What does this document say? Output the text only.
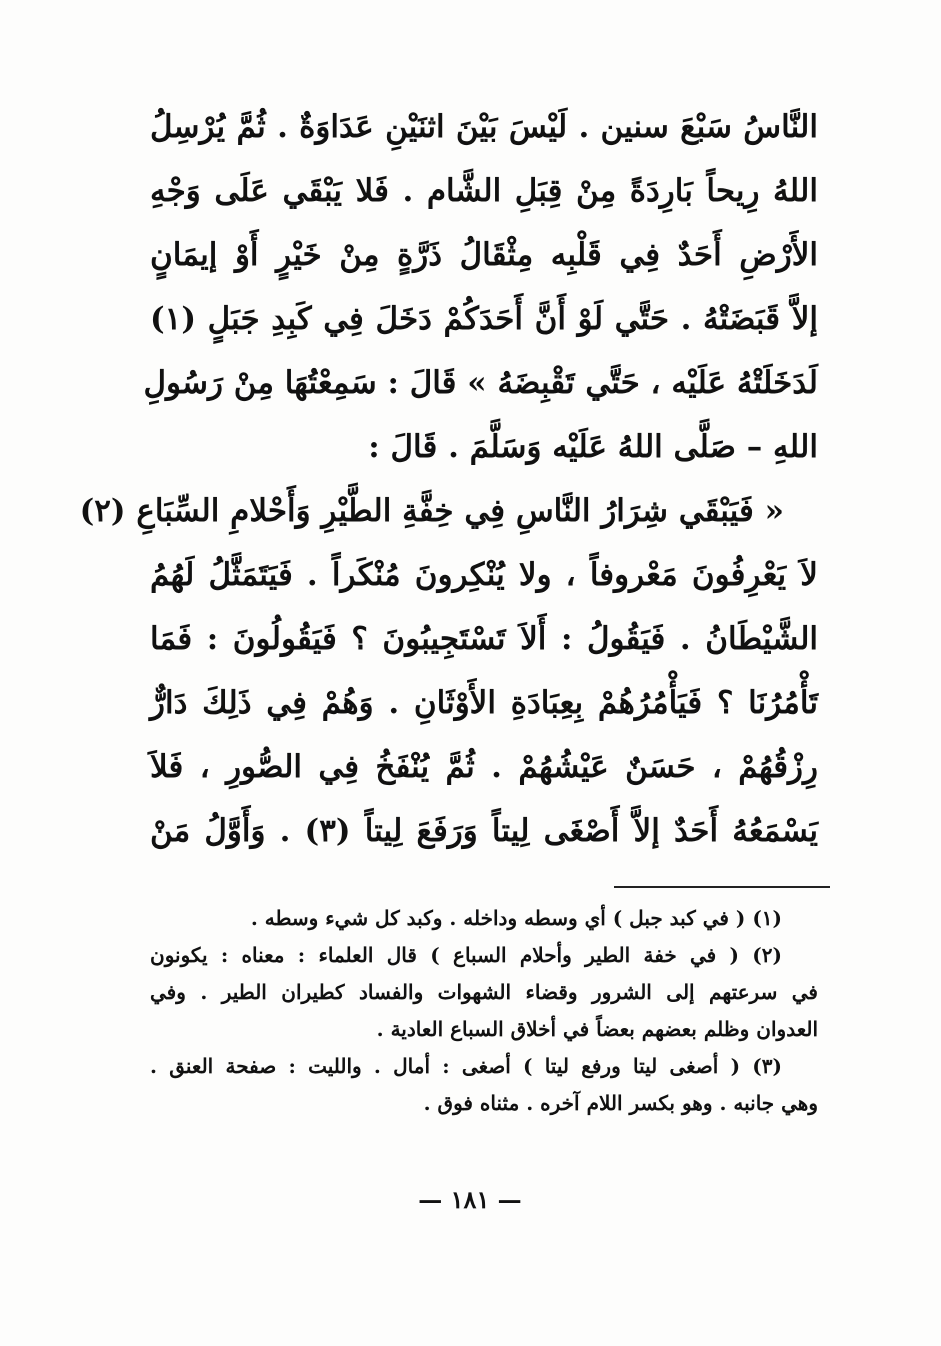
النَّاسُ سَبْعَ سنين . لَيْسَ بَيْنَ اثنَيْنِ عَدَاوَةٌ . ثُمَّ يُرْسِلُ
اللهُ رِيحاً بَارِدَةً مِنْ قِبَلِ الشَّام . فَلا يَبْقَي عَلَى وَجْهِ
الأَرْضِ أَحَدٌ فِي قَلْبِه مِثْقَالُ ذَرَّةٍ مِنْ خَيْرٍ أَوْ إيمَانٍ
إلاَّ قَبَضَتْهُ . حَتَّي لَوْ أَنَّ أَحَدَكُمْ دَخَلَ فِي كَبِدِ جَبَلٍ (١)
لَدَخَلَتْهُ عَلَيْه ، حَتَّي تَقْبِضَهُ » قَالَ : سَمِعْتُهَا مِنْ رَسُولِ
اللهِ – صَلَّى اللهُ عَلَيْه وَسَلَّمَ . قَالَ :
« فَيَبْقَي شِرَارُ النَّاسِ فِي خِفَّةِ الطَّيْرِ وَأَحْلامِ السِّبَاعِ (٢)
لاَ يَعْرِفُونَ مَعْروفاً ، ولا يُنْكِرونَ مُنْكَراً . فَيَتَمَثَّلُ لَهُمُ
الشَّيْطَانُ . فَيَقُولُ : أَلاَ تَسْتَجِيبُونَ ؟ فَيَقُولُونَ : فَمَا
تَأْمُرُنَا ؟ فَيَأْمُرُهُمْ بِعِبَادَةِ الأَوْثَانِ . وَهُمْ فِي ذَلِكَ دَارٌّ
رِزْقُهُمْ ، حَسَنٌ عَيْشُهُمْ . ثُمَّ يُنْفَخُ فِي الصُّورِ ، فَلاَ
يَسْمَعُهُ أَحَدٌ إلاَّ أَصْغَى لِيتاً وَرَفَعَ لِيتاً (٣) . وَأَوَّلُ مَنْ
(١) ( في كبد جبل ) أي وسطه وداخله . وكبد كل شيء وسطه .
(٢) ( في خفة الطير وأحلام السباع ) قال العلماء : معناه : يكونون
في سرعتهم إلى الشرور وقضاء الشهوات والفساد كطيران الطير . وفي
العدوان وظلم بعضهم بعضاً في أخلاق السباع العادية .
(٣) ( أصغى ليتا ورفع ليتا ) أصغى : أمال . والليت : صفحة العنق .
وهي جانبه . وهو بكسر اللام آخره . مثناه فوق .
— ١٨١ —
